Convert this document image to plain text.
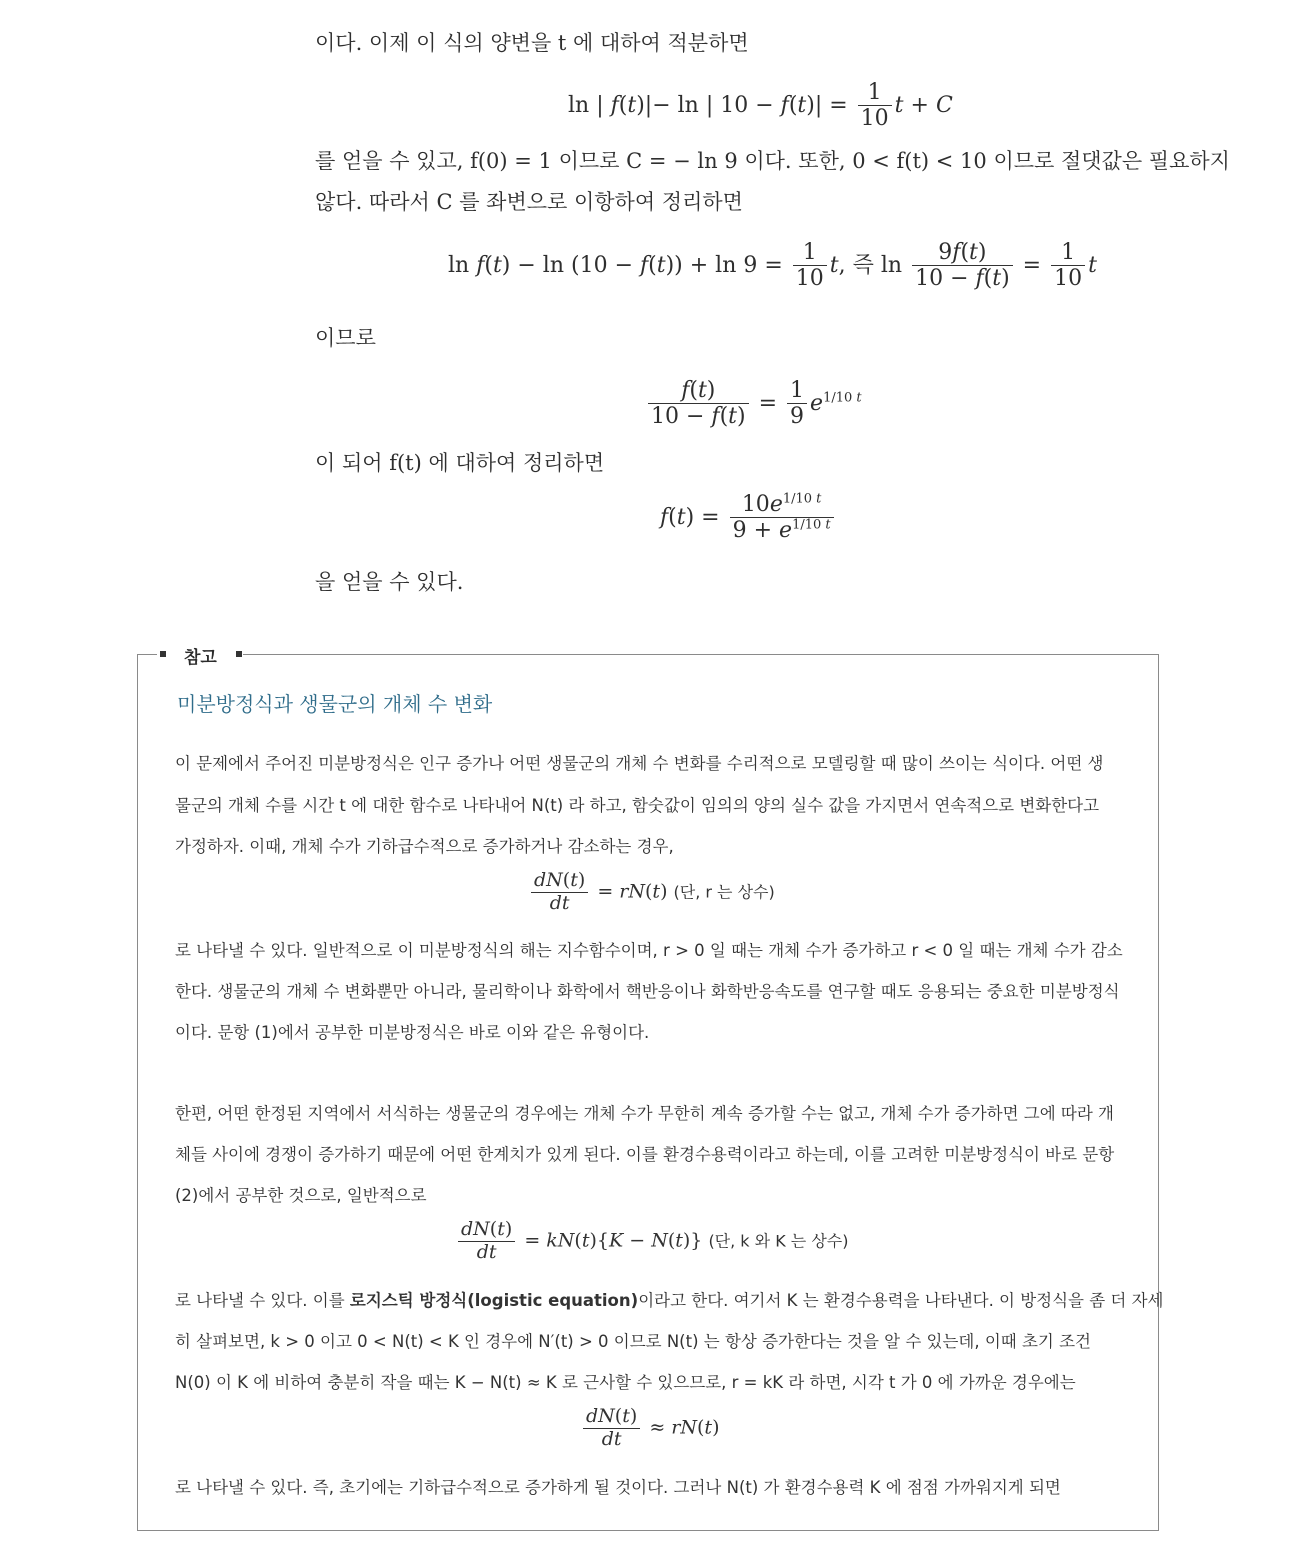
이다. 이제 이 식의 양변을 t 에 대하여 적분하면
ln | f(t)|− ln | $10 - f(t)| = \frac{1}{10}$ t + C
를 얻을 수 있고, f(0) = 1 이므로 C = − ln 9 이다. 또한, 0 < f(t) < 10 이므로 절댓값은 필요하지
않다. 따라서 C 를 좌변으로 이항하여 정리하면
$\ln f(t) - \ln (10 - f(t)) + \ln 9 = \frac{1}{10} t$, 즉 $\ln \frac{9f(t)}{10 - f(t)} = \frac{1}{10}$ t
이므로
$\frac{f(t)}{10 - f(t)} = \frac{1}{9} e^{1/10 t}$
이 되어 f(t) 에 대하여 정리하면
$f(t) = \frac{10e^{1/10 t}}{9 + e^{1/10 t}}$
을 얻을 수 있다.
참고
미분방정식과 생물군의 개체 수 변화
이 문제에서 주어진 미분방정식은 인구 증가나 어떤 생물군의 개체 수 변화를 수리적으로 모델링할 때 많이 쓰이는 식이다. 어떤 생
물군의 개체 수를 시간 t 에 대한 함수로 나타내어 N(t) 라 하고, 함숫값이 임의의 양의 실수 값을 가지면서 연속적으로 변화한다고
가정하자. 이때, 개체 수가 기하급수적으로 증가하거나 감소하는 경우,
$\frac{dN(t)}{dt} = rN(t)$ (단, r 는 상수)
로 나타낼 수 있다. 일반적으로 이 미분방정식의 해는 지수함수이며, r > 0 일 때는 개체 수가 증가하고 r < 0 일 때는 개체 수가 감소
한다. 생물군의 개체 수 변화뿐만 아니라, 물리학이나 화학에서 핵반응이나 화학반응속도를 연구할 때도 응용되는 중요한 미분방정식
이다. 문항 (1)에서 공부한 미분방정식은 바로 이와 같은 유형이다.
한편, 어떤 한정된 지역에서 서식하는 생물군의 경우에는 개체 수가 무한히 계속 증가할 수는 없고, 개체 수가 증가하면 그에 따라 개
체들 사이에 경쟁이 증가하기 때문에 어떤 한계치가 있게 된다. 이를 환경수용력이라고 하는데, 이를 고려한 미분방정식이 바로 문항
(2)에서 공부한 것으로, 일반적으로
$\frac{dN(t)}{dt} = kN(t)\{K - N(t)\}$ (단, k 와 K 는 상수)
로 나타낼 수 있다. 이를 로지스틱 방정식(logistic equation)이라고 한다. 여기서 K 는 환경수용력을 나타낸다. 이 방정식을 좀 더 자세
히 살펴보면, k > 0 이고 0 < N(t) < K 인 경우에 N′(t) > 0 이므로 N(t) 는 항상 증가한다는 것을 알 수 있는데, 이때 초기 조건
N(0) 이 K 에 비하여 충분히 작을 때는 K − N(t) ≈ K 로 근사할 수 있으므로, r = kK 라 하면, 시각 t 가 0 에 가까운 경우에는
$\frac{dN(t)}{dt} \approx rN(t)$
로 나타낼 수 있다. 즉, 초기에는 기하급수적으로 증가하게 될 것이다. 그러나 N(t) 가 환경수용력 K 에 점점 가까워지게 되면
